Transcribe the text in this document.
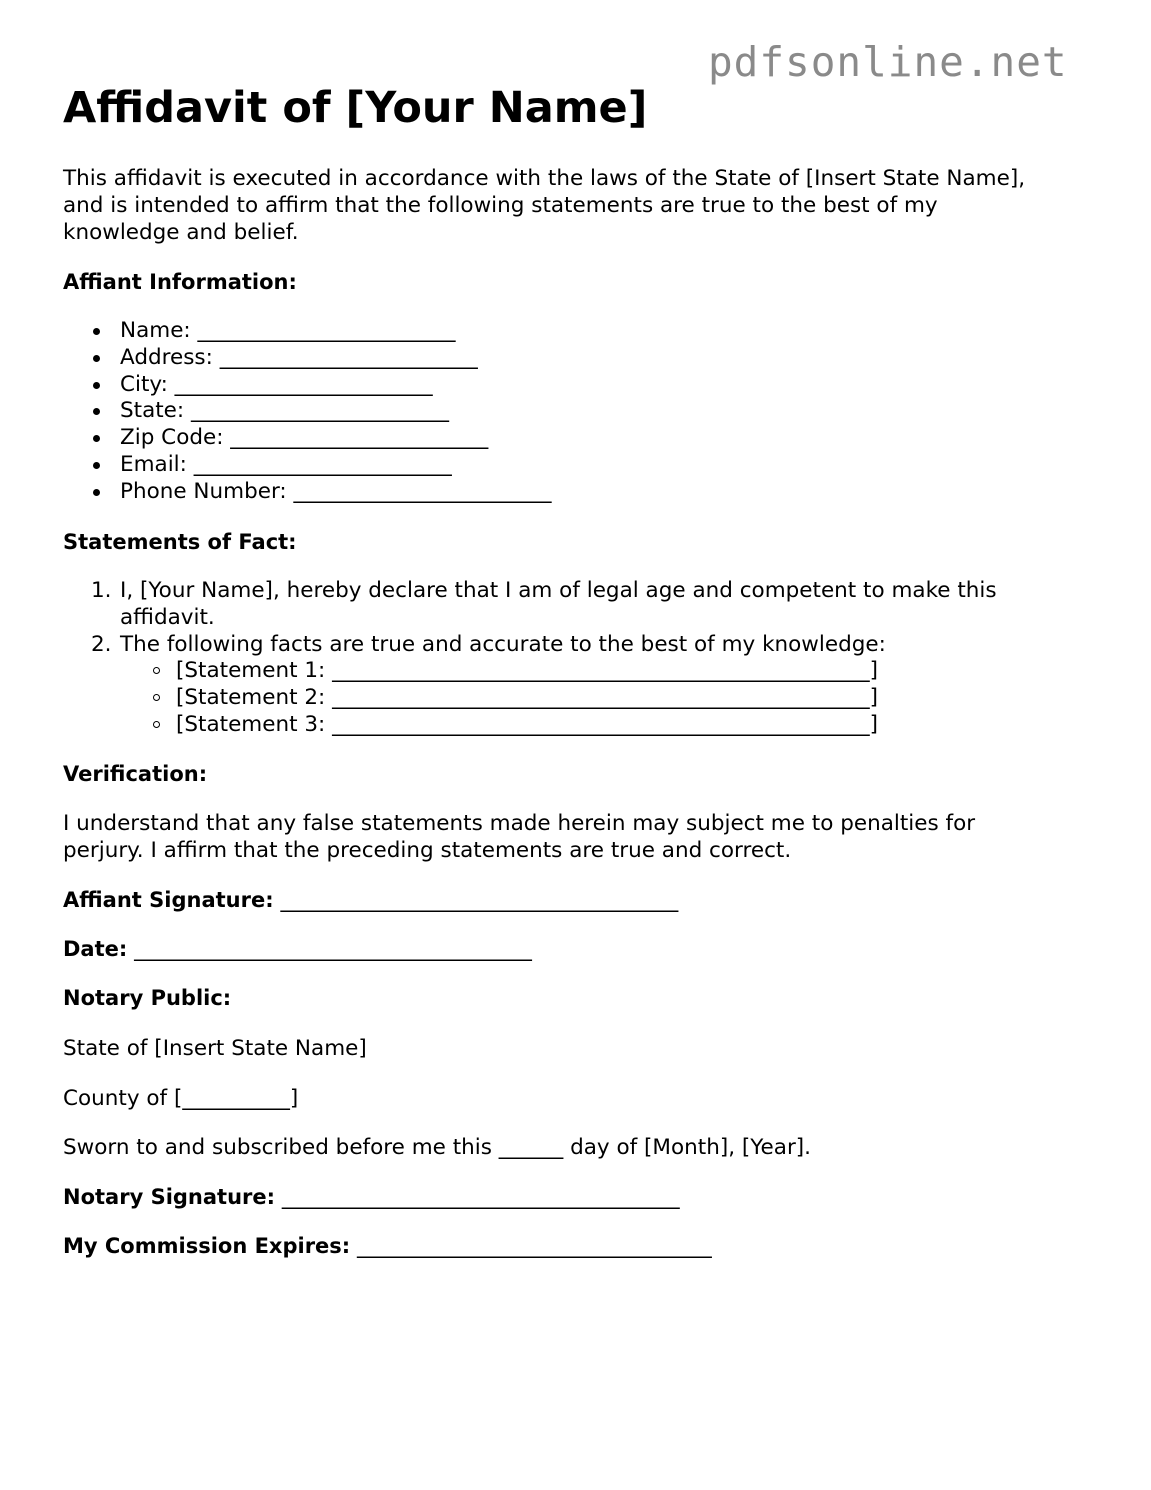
pdfsonline.net
Affidavit of [Your Name]

This affidavit is executed in accordance with the laws of the State of [Insert State Name],

and is intended to affirm that the following statements are true to the best of my

knowledge and belief.

Affiant Information:

Name: ________________________
Address: ________________________
City: ________________________
State: ________________________
Zip Code: ________________________
Email: ________________________
Phone Number: ________________________

Statements of Fact:

1. I, [Your Name], hereby declare that I am of legal age and competent to make this
affidavit.
2. The following facts are true and accurate to the best of my knowledge:
[Statement 1: __________________________________________________]
[Statement 2: __________________________________________________]
[Statement 3: __________________________________________________]

Verification:

I understand that any false statements made herein may subject me to penalties for

perjury. I affirm that the preceding statements are true and correct.

Affiant Signature: _____________________________________

Date: _____________________________________

Notary Public:

State of [Insert State Name]

County of [__________]

Sworn to and subscribed before me this ______ day of [Month], [Year].

Notary Signature: _____________________________________

My Commission Expires: _________________________________
